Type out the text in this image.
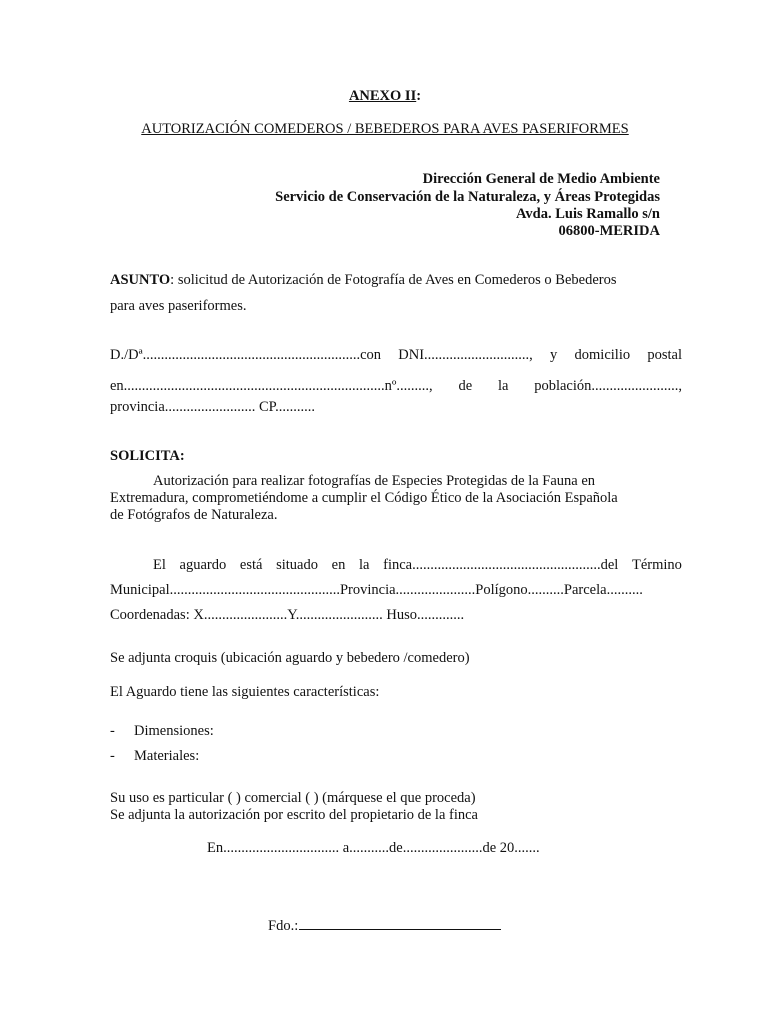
ANEXO II:
AUTORIZACIÓN COMEDEROS / BEBEDEROS PARA AVES PASERIFORMES
Dirección General de Medio Ambiente
Servicio de Conservación de la Naturaleza, y Áreas Protegidas
Avda. Luis Ramallo s/n
06800-MERIDA
ASUNTO: solicitud de Autorización de Fotografía de Aves en Comederos o Bebederos
para aves paseriformes.
D./Dª............................................................con DNI............................., y domicilio postal
en........................................................................nº........., de la población........................,
provincia......................... CP...........
SOLICITA:
Autorización para realizar fotografías de Especies Protegidas de la Fauna en
Extremadura, comprometiéndome a cumplir el Código Ético de la Asociación Española
de Fotógrafos de Naturaleza.
El aguardo está situado en la finca....................................................del Término
Municipal...............................................Provincia......................Polígono..........Parcela..........
Coordenadas: X.......................Y........................ Huso.............
Se adjunta croquis (ubicación aguardo y bebedero /comedero)
El Aguardo tiene las siguientes características:
- Dimensiones:
- Materiales:
Su uso es particular ( ) comercial ( ) (márquese el que proceda)
Se adjunta la autorización por escrito del propietario de la finca
En................................ a...........de......................de 20.......
Fdo.:
